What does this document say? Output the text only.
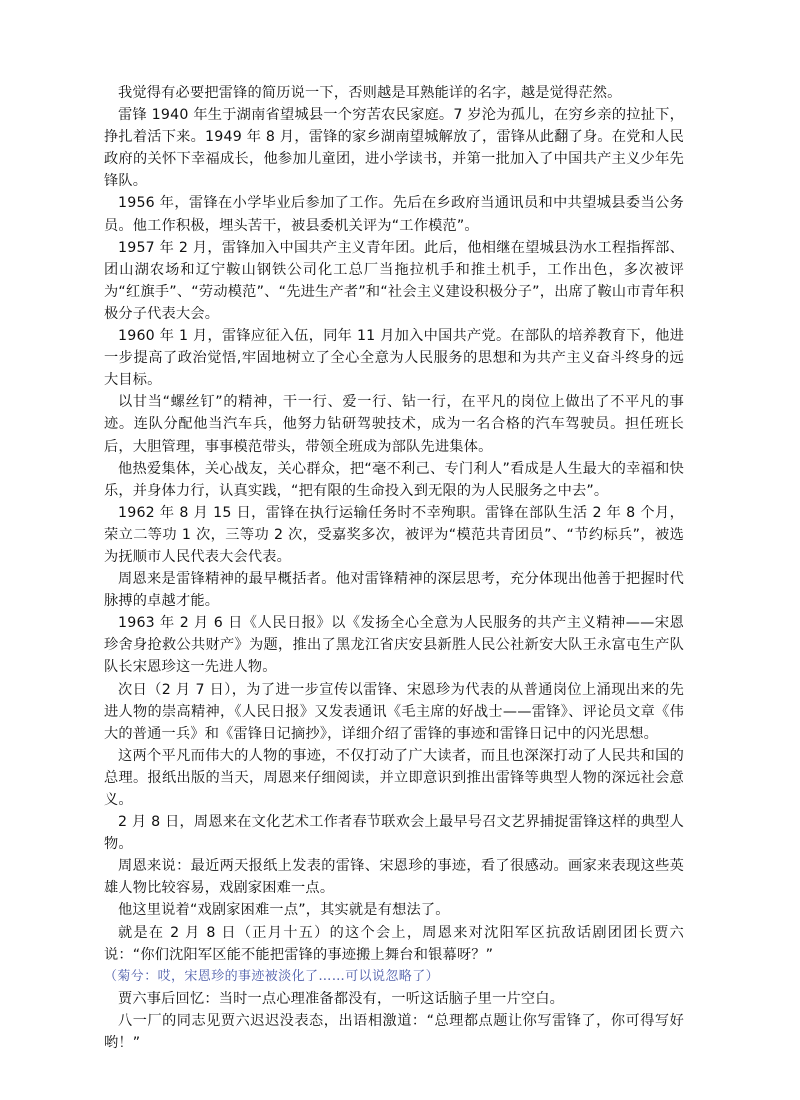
我觉得有必要把雷锋的简历说一下，否则越是耳熟能详的名字，越是觉得茫然。

雷锋 1940 年生于湖南省望城县一个穷苦农民家庭。7 岁沦为孤儿，在穷乡亲的拉扯下，挣扎着活下来。1949 年 8 月，雷锋的家乡湖南望城解放了，雷锋从此翻了身。在党和人民政府的关怀下幸福成长，他参加儿童团，进小学读书，并第一批加入了中国共产主义少年先锋队。

1956 年，雷锋在小学毕业后参加了工作。先后在乡政府当通讯员和中共望城县委当公务员。他工作积极，埋头苦干，被县委机关评为“工作模范”。

1957 年 2 月，雷锋加入中国共产主义青年团。此后，他相继在望城县沩水工程指挥部、团山湖农场和辽宁鞍山钢铁公司化工总厂当拖拉机手和推土机手，工作出色，多次被评为“红旗手”、“劳动模范”、“先进生产者”和“社会主义建设积极分子”，出席了鞍山市青年积极分子代表大会。

1960 年 1 月，雷锋应征入伍，同年 11 月加入中国共产党。在部队的培养教育下，他进一步提高了政治觉悟,牢固地树立了全心全意为人民服务的思想和为共产主义奋斗终身的远大目标。

以甘当“螺丝钉”的精神，干一行、爱一行、钻一行，在平凡的岗位上做出了不平凡的事迹。连队分配他当汽车兵，他努力钻研驾驶技术，成为一名合格的汽车驾驶员。担任班长后，大胆管理，事事模范带头，带领全班成为部队先进集体。

他热爱集体，关心战友，关心群众，把“毫不利己、专门利人”看成是人生最大的幸福和快乐，并身体力行，认真实践，“把有限的生命投入到无限的为人民服务之中去”。

1962 年 8 月 15 日，雷锋在执行运输任务时不幸殉职。雷锋在部队生活 2 年 8 个月，荣立二等功 1 次，三等功 2 次，受嘉奖多次，被评为“模范共青团员”、“节约标兵”，被选为抚顺市人民代表大会代表。

周恩来是雷锋精神的最早概括者。他对雷锋精神的深层思考，充分体现出他善于把握时代脉搏的卓越才能。

1963 年 2 月 6 日《人民日报》以《发扬全心全意为人民服务的共产主义精神——宋恩珍舍身抢救公共财产》为题，推出了黑龙江省庆安县新胜人民公社新安大队王永富屯生产队队长宋恩珍这一先进人物。

次日（2 月 7 日），为了进一步宣传以雷锋、宋恩珍为代表的从普通岗位上涌现出来的先进人物的崇高精神，《人民日报》又发表通讯《毛主席的好战士——雷锋》、评论员文章《伟大的普通一兵》和《雷锋日记摘抄》，详细介绍了雷锋的事迹和雷锋日记中的闪光思想。

这两个平凡而伟大的人物的事迹，不仅打动了广大读者，而且也深深打动了人民共和国的总理。报纸出版的当天，周恩来仔细阅读，并立即意识到推出雷锋等典型人物的深远社会意义。

2 月 8 日，周恩来在文化艺术工作者春节联欢会上最早号召文艺界捕捉雷锋这样的典型人物。

周恩来说：最近两天报纸上发表的雷锋、宋恩珍的事迹，看了很感动。画家来表现这些英雄人物比较容易，戏剧家困难一点。

他这里说着“戏剧家困难一点”，其实就是有想法了。

就是在 2 月 8 日（正月十五）的这个会上，周恩来对沈阳军区抗敌话剧团团长贾六说：“你们沈阳军区能不能把雷锋的事迹搬上舞台和银幕呀？”

（菊兮：哎，宋恩珍的事迹被淡化了……可以说忽略了）

贾六事后回忆：当时一点心理准备都没有，一听这话脑子里一片空白。

八一厂的同志见贾六迟迟没表态，出语相激道：“总理都点题让你写雷锋了，你可得写好哟！”
